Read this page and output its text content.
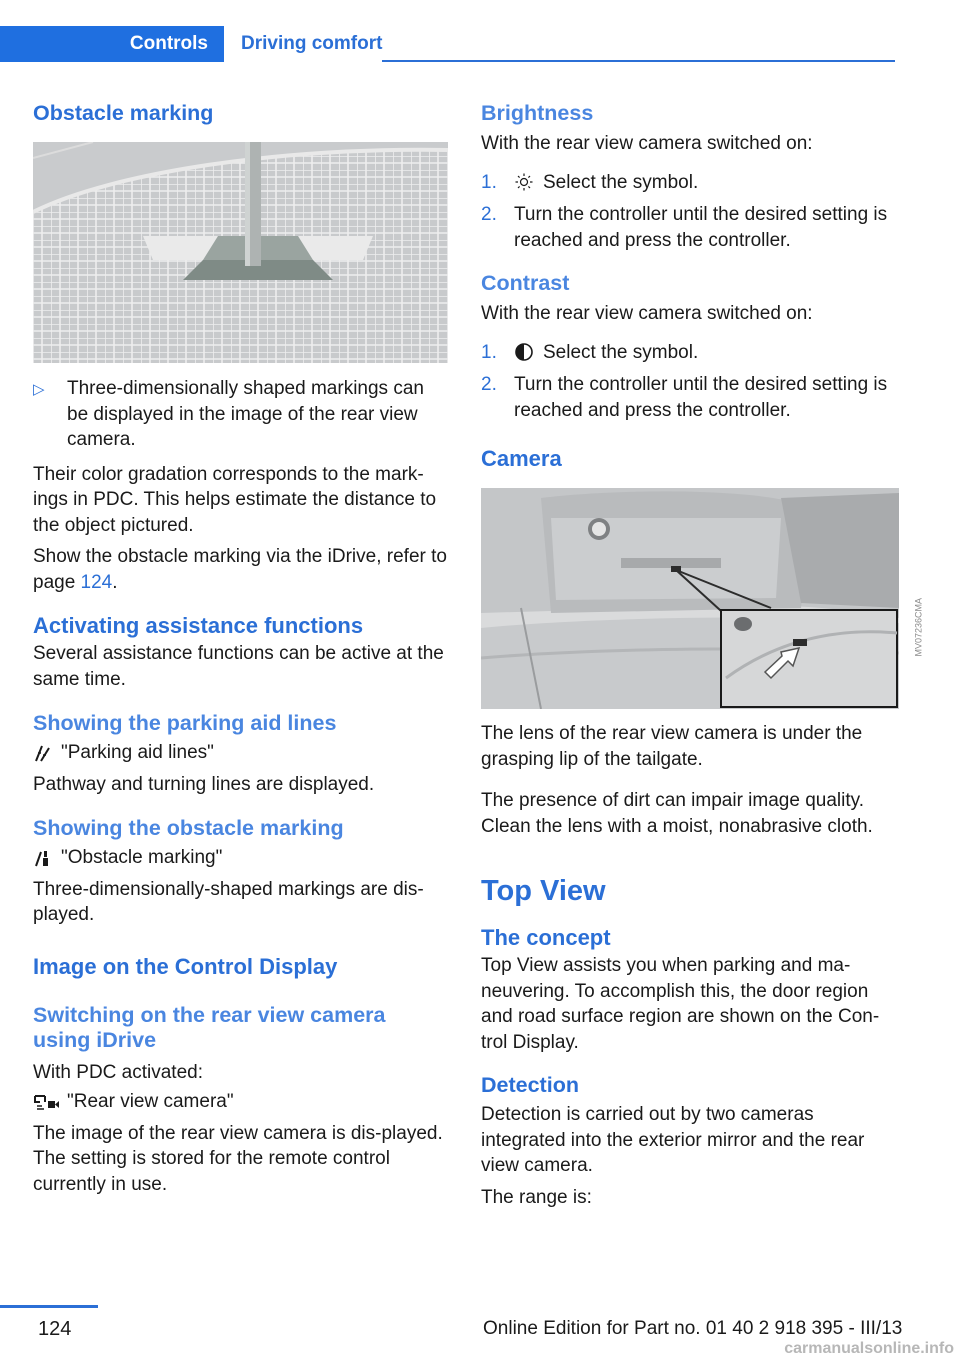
Controls	Driving comfort
Obstacle marking
▷	Three-dimensionally shaped markings can be displayed in the image of the rear view camera.

Their color gradation corresponds to the mark‐ings in PDC. This helps estimate the distance to the object pictured.

Show the obstacle marking via the iDrive, refer to page 124.

Activating assistance functions

Several assistance functions can be active at the same time.

Showing the parking aid lines
"Parking aid lines"

Pathway and turning lines are displayed.

Showing the obstacle marking
"Obstacle marking"

Three-dimensionally-shaped markings are dis‐played.

Image on the Control Display
Switching on the rear view camera using iDrive

With PDC activated:

"Rear view camera"

The image of the rear view camera is dis‐played. The setting is stored for the remote control currently in use.

Brightness

With the rear view camera switched on:

1.	Select the symbol.
2. Turn the controller until the desired setting is reached and press the controller.
Contrast

With the rear view camera switched on:

1.	Select the symbol.
2. Turn the controller until the desired setting is reached and press the controller.
Camera
MV07236CMA

The lens of the rear view camera is under the grasping lip of the tailgate.

The presence of dirt can impair image quality. Clean the lens with a moist, nonabrasive cloth.

Top View
The concept

Top View assists you when parking and ma‐neuvering. To accomplish this, the door region and road surface region are shown on the Con‐trol Display.

Detection

Detection is carried out by two cameras integrated into the exterior mirror and the rear view camera.

The range is:

124	Online Edition for Part no. 01 40 2 918 395 - III/13
carmanualsonline.info
